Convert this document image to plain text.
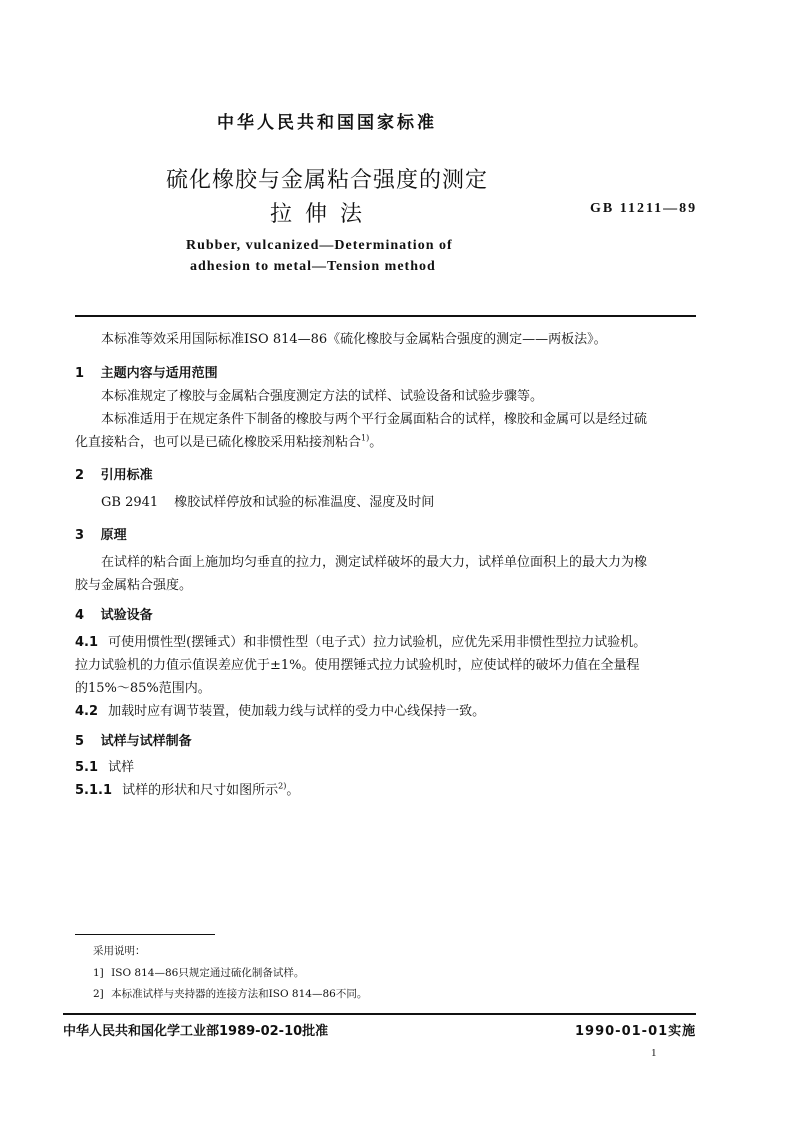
中华人民共和国国家标准
硫化橡胶与金属粘合强度的测定
拉 伸 法	GB 11211—89
Rubber, vulcanized—Determination of
adhesion to metal—Tension method
本标准等效采用国际标准ISO 814—86《硫化橡胶与金属粘合强度的测定——两板法》。
1 主题内容与适用范围
本标准规定了橡胶与金属粘合强度测定方法的试样、试验设备和试验步骤等。
本标准适用于在规定条件下制备的橡胶与两个平行金属面粘合的试样，橡胶和金属可以是经过硫
化直接粘合，也可以是已硫化橡胶采用粘接剂粘合$^{1)}$。
2 引用标准
GB 2941 橡胶试样停放和试验的标准温度、湿度及时间
3 原理
在试样的粘合面上施加均匀垂直的拉力，测定试样破坏的最大力，试样单位面积上的最大力为橡
胶与金属粘合强度。
4 试验设备
4.1 可使用惯性型(摆锤式）和非惯性型（电子式）拉力试验机，应优先采用非惯性型拉力试验机。
拉力试验机的力值示值误差应优于±1%。使用摆锤式拉力试验机时，应使试样的破坏力值在全量程
的15%～85%范围内。
4.2 加载时应有调节装置，使加载力线与试样的受力中心线保持一致。
5 试样与试样制备
5.1 试样
5.1.1 试样的形状和尺寸如图所示$^{2)}$。
采用说明：
1] ISO 814—86只规定通过硫化制备试样。
2] 本标准试样与夹持器的连接方法和ISO 814—86不同。
中华人民共和国化学工业部1989-02-10批准	1990-01-01实施
1
